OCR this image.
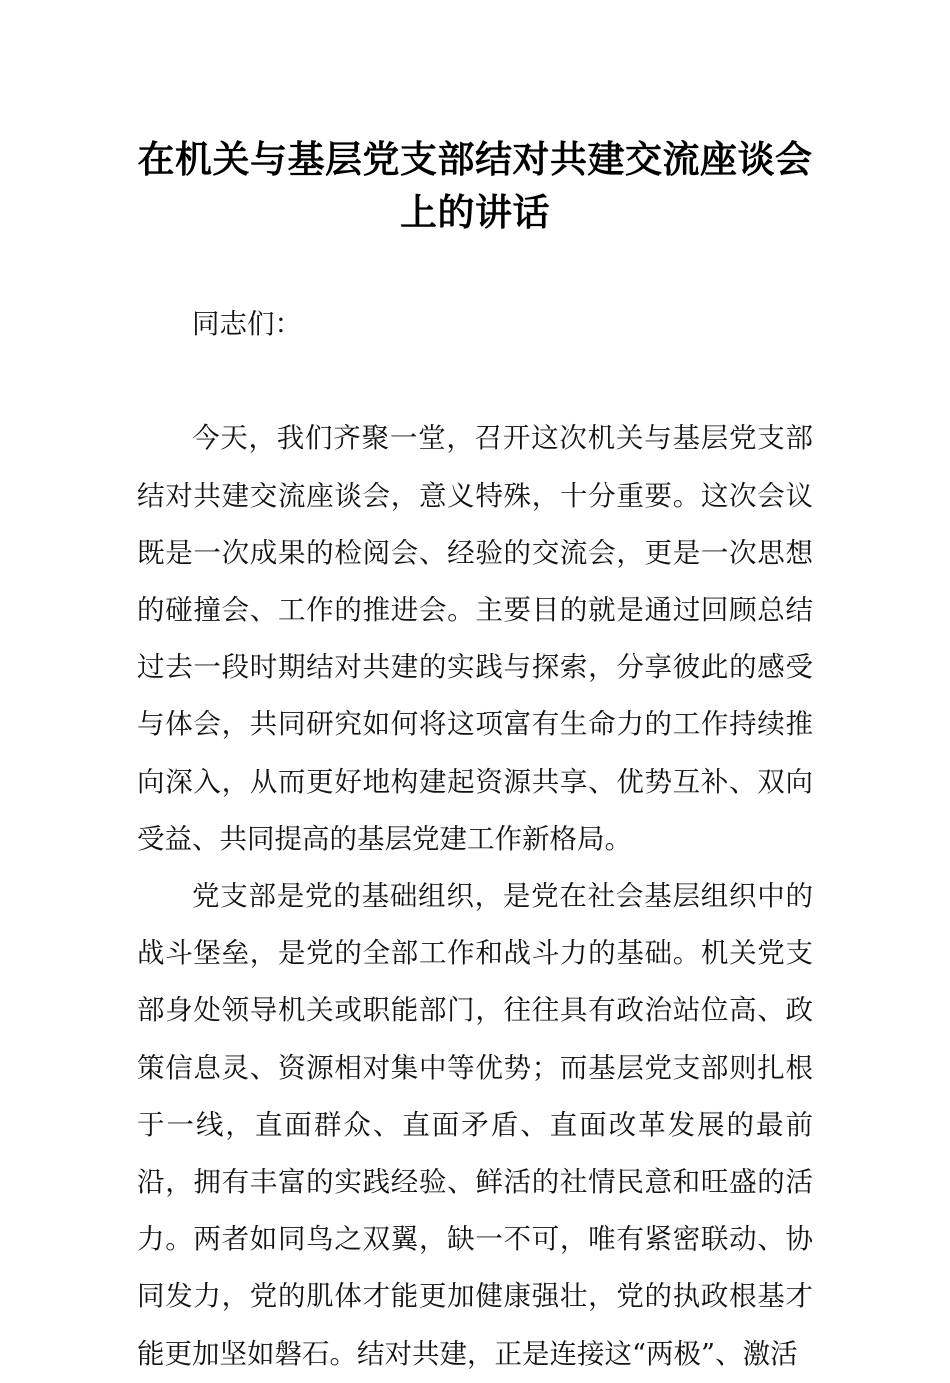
在机关与基层党支部结对共建交流座谈会上的讲话

同志们：

今天，我们齐聚一堂，召开这次机关与基层党支部结对共建交流座谈会，意义特殊，十分重要。这次会议既是一次成果的检阅会、经验的交流会，更是一次思想的碰撞会、工作的推进会。主要目的就是通过回顾总结过去一段时期结对共建的实践与探索，分享彼此的感受与体会，共同研究如何将这项富有生命力的工作持续推向深入，从而更好地构建起资源共享、优势互补、双向受益、共同提高的基层党建工作新格局。

党支部是党的基础组织，是党在社会基层组织中的战斗堡垒，是党的全部工作和战斗力的基础。机关党支部身处领导机关或职能部门，往往具有政治站位高、政策信息灵、资源相对集中等优势；而基层党支部则扎根于一线，直面群众、直面矛盾、直面改革发展的最前沿，拥有丰富的实践经验、鲜活的社情民意和旺盛的活力。两者如同鸟之双翼，缺一不可，唯有紧密联动、协同发力，党的肌体才能更加健康强壮，党的执政根基才能更加坚如磐石。结对共建，正是连接这“两极”、激活
